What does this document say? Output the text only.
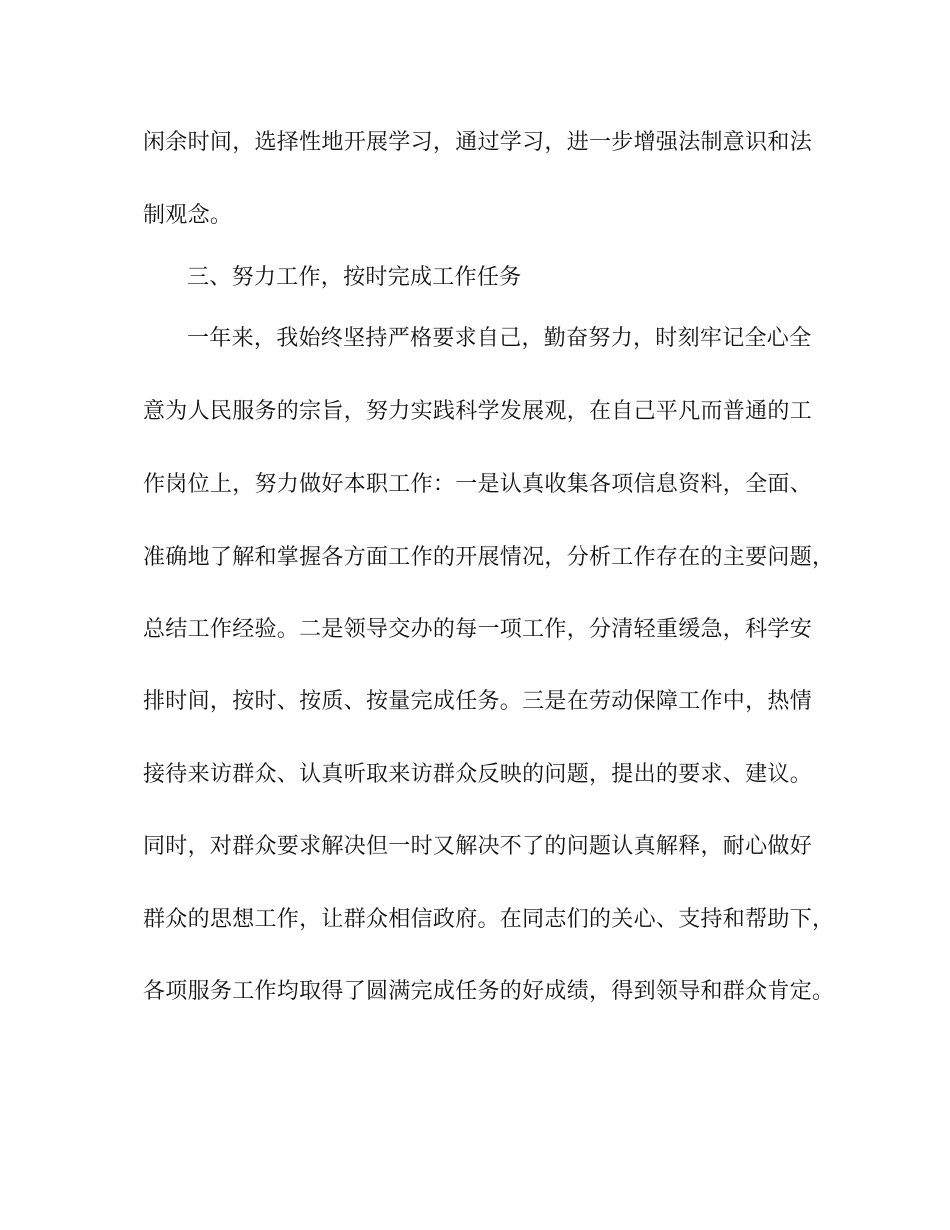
闲余时间，选择性地开展学习，通过学习，进一步增强法制意识和法
制观念。
三、努力工作，按时完成工作任务
一年来，我始终坚持严格要求自己，勤奋努力，时刻牢记全心全
意为人民服务的宗旨，努力实践科学发展观，在自己平凡而普通的工
作岗位上，努力做好本职工作：一是认真收集各项信息资料，全面、
准确地了解和掌握各方面工作的开展情况，分析工作存在的主要问题，
总结工作经验。二是领导交办的每一项工作，分清轻重缓急，科学安
排时间，按时、按质、按量完成任务。三是在劳动保障工作中，热情
接待来访群众、认真听取来访群众反映的问题，提出的要求、建议。
同时，对群众要求解决但一时又解决不了的问题认真解释，耐心做好
群众的思想工作，让群众相信政府。在同志们的关心、支持和帮助下，
各项服务工作均取得了圆满完成任务的好成绩，得到领导和群众肯定。
